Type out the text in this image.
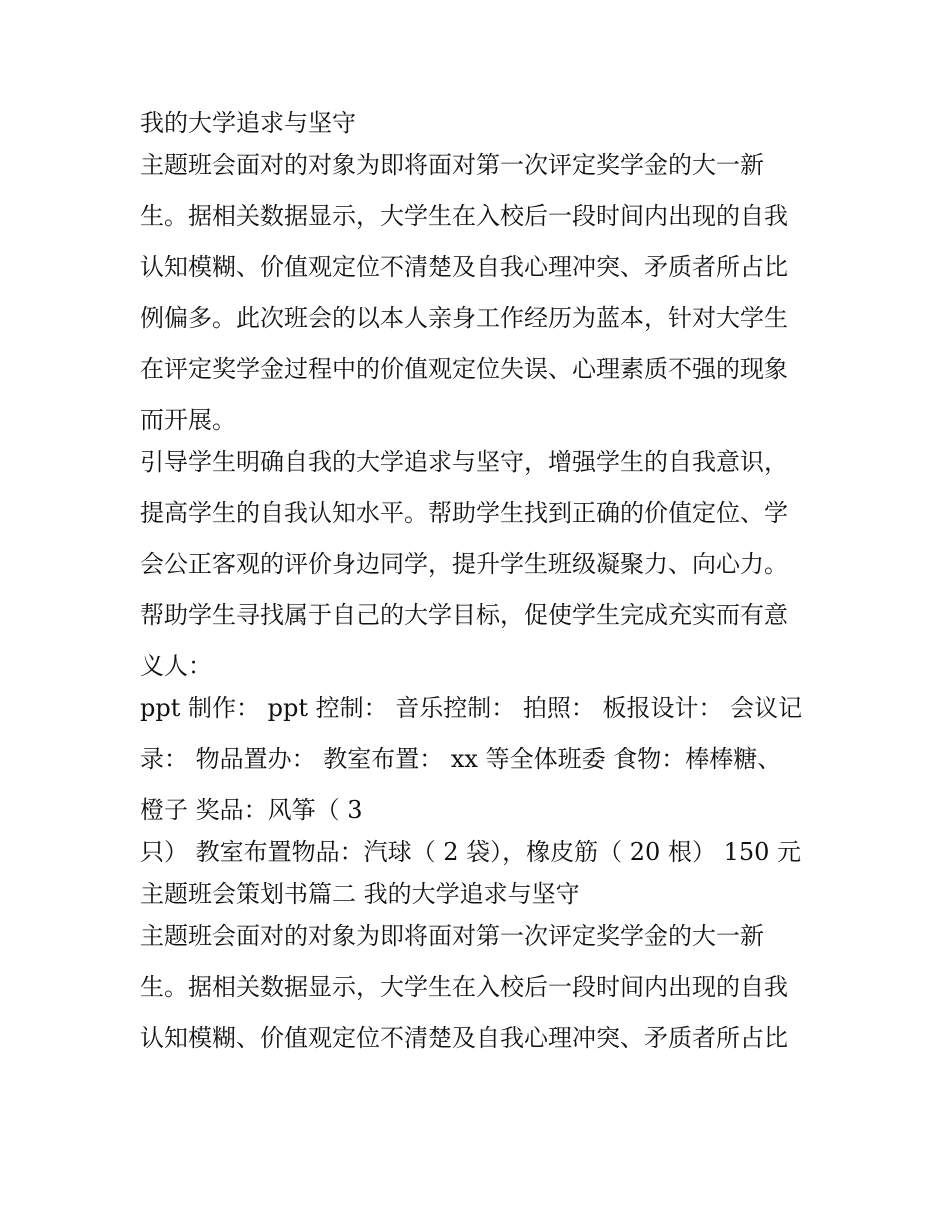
我的大学追求与坚守
主题班会面对的对象为即将面对第一次评定奖学金的大一新
生。据相关数据显示，大学生在入校后一段时间内出现的自我
认知模糊、价值观定位不清楚及自我心理冲突、矛质者所占比
例偏多。此次班会的以本人亲身工作经历为蓝本，针对大学生
在评定奖学金过程中的价值观定位失误、心理素质不强的现象
而开展。
引导学生明确自我的大学追求与坚守，增强学生的自我意识，
提高学生的自我认知水平。帮助学生找到正确的价值定位、学
会公正客观的评价身边同学，提升学生班级凝聚力、向心力。
帮助学生寻找属于自己的大学目标，促使学生完成充实而有意
义人：
ppt 制作： ppt 控制： 音乐控制： 拍照： 板报设计： 会议记
录： 物品置办： 教室布置： xx 等全体班委 食物：棒棒糖、
橙子 奖品：风筝（ 3
只） 教室布置物品：汽球（ 2 袋），橡皮筋（ 20 根） 150 元
主题班会策划书篇二 我的大学追求与坚守
主题班会面对的对象为即将面对第一次评定奖学金的大一新
生。据相关数据显示，大学生在入校后一段时间内出现的自我
认知模糊、价值观定位不清楚及自我心理冲突、矛质者所占比
